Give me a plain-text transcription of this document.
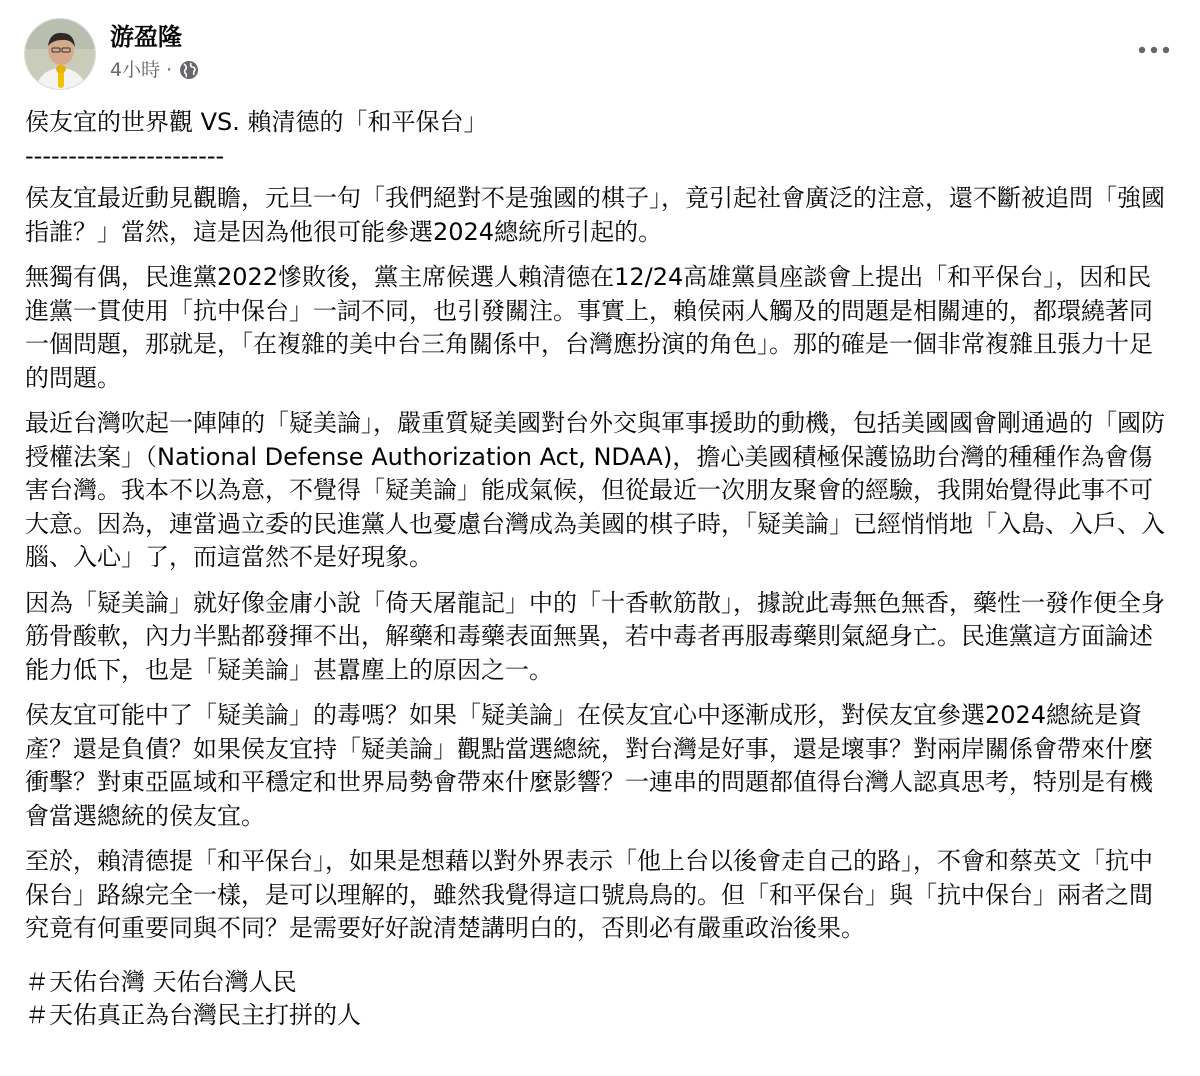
游盈隆
4小時 ·

侯友宜的世界觀 VS. 賴清德的「和平保台」

-----------------------

侯友宜最近動見觀瞻，元旦一句「我們絕對不是強國的棋子」，竟引起社會廣泛的注意，還不斷被追問「強國指誰？」當然，這是因為他很可能參選2024總統所引起的。

無獨有偶，民進黨2022慘敗後，黨主席候選人賴清德在12/24高雄黨員座談會上提出「和平保台」，因和民進黨一貫使用「抗中保台」一詞不同，也引發關注。事實上，賴侯兩人觸及的問題是相關連的，都環繞著同一個問題，那就是，「在複雜的美中台三角關係中，台灣應扮演的角色」。那的確是一個非常複雜且張力十足的問題。

最近台灣吹起一陣陣的「疑美論」，嚴重質疑美國對台外交與軍事援助的動機，包括美國國會剛通過的「國防授權法案」（National Defense Authorization Act, NDAA)，擔心美國積極保護協助台灣的種種作為會傷害台灣。我本不以為意，不覺得「疑美論」能成氣候，但從最近一次朋友聚會的經驗，我開始覺得此事不可大意。因為，連當過立委的民進黨人也憂慮台灣成為美國的棋子時，「疑美論」已經悄悄地「入島、入戶、入腦、入心」了，而這當然不是好現象。

因為「疑美論」就好像金庸小說「倚天屠龍記」中的「十香軟筋散」，據說此毒無色無香，藥性一發作便全身筋骨酸軟，內力半點都發揮不出，解藥和毒藥表面無異，若中毒者再服毒藥則氣絕身亡。民進黨這方面論述能力低下，也是「疑美論」甚囂塵上的原因之一。

侯友宜可能中了「疑美論」的毒嗎？如果「疑美論」在侯友宜心中逐漸成形，對侯友宜參選2024總統是資產？還是負債？如果侯友宜持「疑美論」觀點當選總統，對台灣是好事，還是壞事？對兩岸關係會帶來什麼衝擊？對東亞區域和平穩定和世界局勢會帶來什麼影響？一連串的問題都值得台灣人認真思考，特別是有機會當選總統的侯友宜。

至於，賴清德提「和平保台」，如果是想藉以對外界表示「他上台以後會走自己的路」，不會和蔡英文「抗中保台」路線完全一樣，是可以理解的，雖然我覺得這口號鳥鳥的。但「和平保台」與「抗中保台」兩者之間究竟有何重要同與不同？是需要好好說清楚講明白的，否則必有嚴重政治後果。

＃天佑台灣 天佑台灣人民
＃天佑真正為台灣民主打拼的人
